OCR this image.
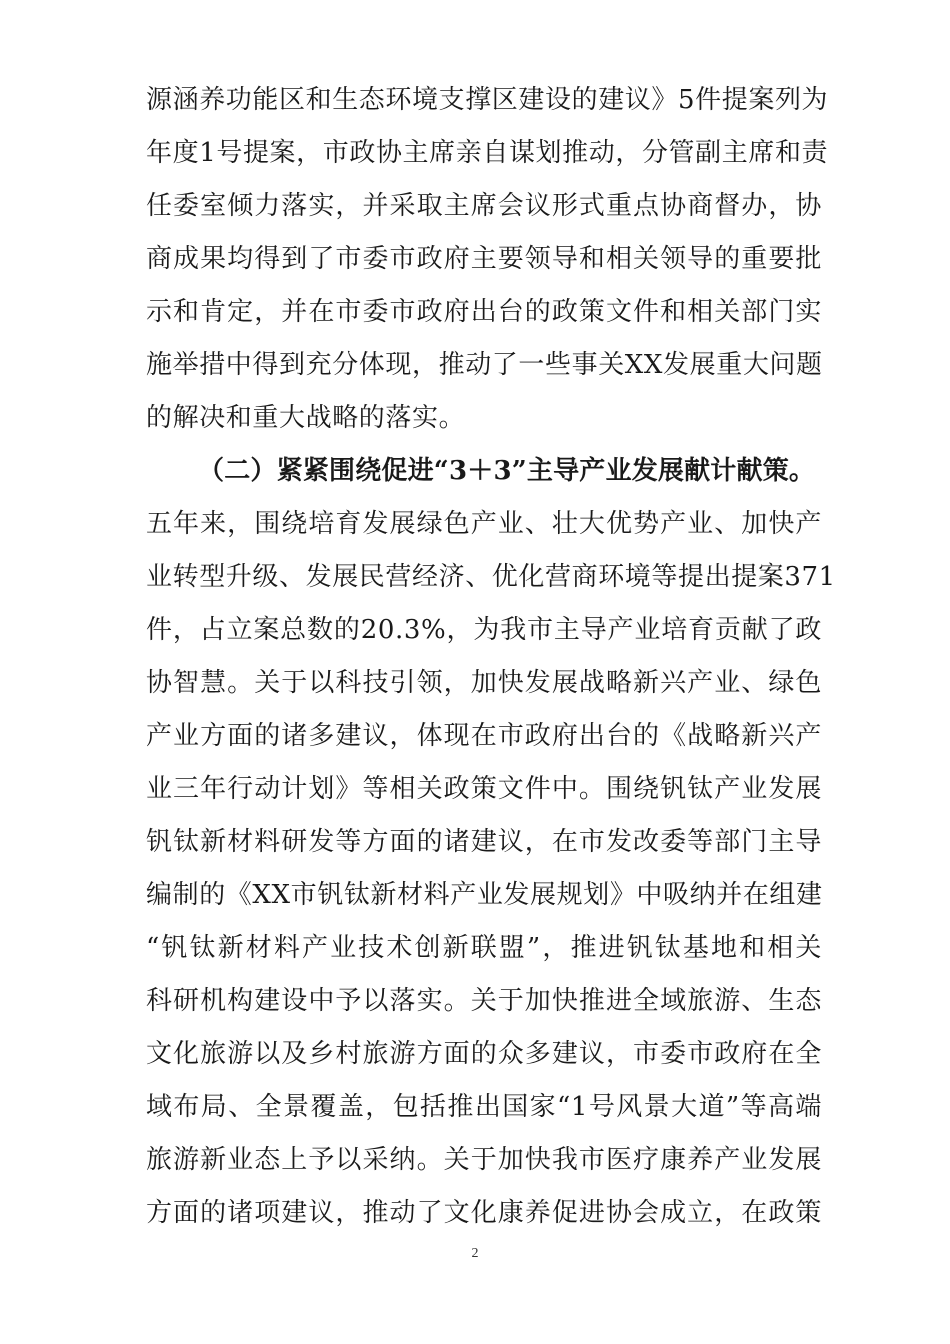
源涵养功能区和生态环境支撑区建设的建议》5件提案列为
年度1号提案，市政协主席亲自谋划推动，分管副主席和责
任委室倾力落实，并采取主席会议形式重点协商督办，协
商成果均得到了市委市政府主要领导和相关领导的重要批
示和肯定，并在市委市政府出台的政策文件和相关部门实
施举措中得到充分体现，推动了一些事关XX发展重大问题
的解决和重大战略的落实。
（二）紧紧围绕促进“3＋3”主导产业发展献计献策。
五年来，围绕培育发展绿色产业、壮大优势产业、加快产
业转型升级、发展民营经济、优化营商环境等提出提案371
件，占立案总数的20.3%，为我市主导产业培育贡献了政
协智慧。关于以科技引领，加快发展战略新兴产业、绿色
产业方面的诸多建议，体现在市政府出台的《战略新兴产
业三年行动计划》等相关政策文件中。围绕钒钛产业发展
钒钛新材料研发等方面的诸建议，在市发改委等部门主导
编制的《XX市钒钛新材料产业发展规划》中吸纳并在组建
“钒钛新材料产业技术创新联盟”，推进钒钛基地和相关
科研机构建设中予以落实。关于加快推进全域旅游、生态
文化旅游以及乡村旅游方面的众多建议，市委市政府在全
域布局、全景覆盖，包括推出国家“1号风景大道”等高端
旅游新业态上予以采纳。关于加快我市医疗康养产业发展
方面的诸项建议，推动了文化康养促进协会成立，在政策
2
